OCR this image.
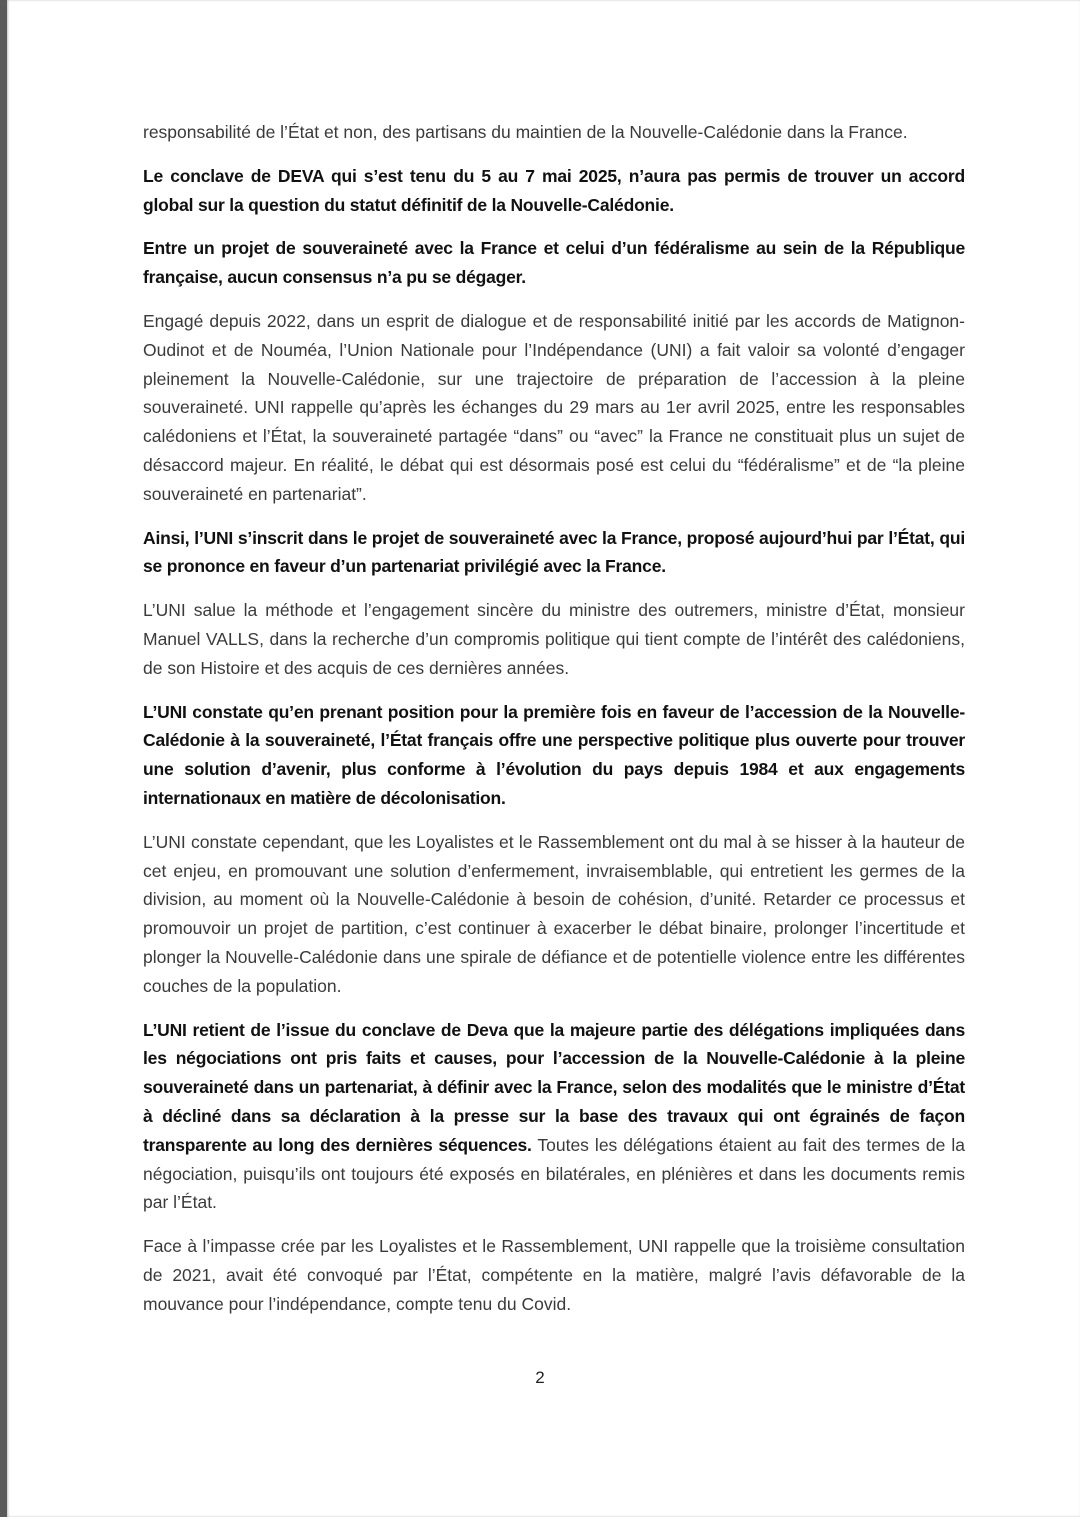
responsabilité de l’État et non, des partisans du maintien de la Nouvelle-Calédonie dans la France.

Le conclave de DEVA qui s’est tenu du 5 au 7 mai 2025, n’aura pas permis de trouver un accord global sur la question du statut définitif de la Nouvelle-Calédonie.

Entre un projet de souveraineté avec la France et celui d’un fédéralisme au sein de la République française, aucun consensus n’a pu se dégager.

Engagé depuis 2022, dans un esprit de dialogue et de responsabilité initié par les accords de Matignon-Oudinot et de Nouméa, l’Union Nationale pour l’Indépendance (UNI) a fait valoir sa volonté d’engager pleinement la Nouvelle-Calédonie, sur une trajectoire de préparation de l’accession à la pleine souveraineté. UNI rappelle qu’après les échanges du 29 mars au 1er avril 2025, entre les responsables calédoniens et l’État, la souveraineté partagée “dans” ou “avec” la France ne constituait plus un sujet de désaccord majeur. En réalité, le débat qui est désormais posé est celui du “fédéralisme” et de “la pleine souveraineté en partenariat”.

Ainsi, l’UNI s’inscrit dans le projet de souveraineté avec la France, proposé aujourd’hui par l’État, qui se prononce en faveur d’un partenariat privilégié avec la France.

L’UNI salue la méthode et l’engagement sincère du ministre des outremers, ministre d’État, monsieur Manuel VALLS, dans la recherche d’un compromis politique qui tient compte de l’intérêt des calédoniens, de son Histoire et des acquis de ces dernières années.

L’UNI constate qu’en prenant position pour la première fois en faveur de l’accession de la Nouvelle-Calédonie à la souveraineté, l’État français offre une perspective politique plus ouverte pour trouver une solution d’avenir, plus conforme à l’évolution du pays depuis 1984 et aux engagements internationaux en matière de décolonisation.

L’UNI constate cependant, que les Loyalistes et le Rassemblement ont du mal à se hisser à la hauteur de cet enjeu, en promouvant une solution d’enfermement, invraisemblable, qui entretient les germes de la division, au moment où la Nouvelle-Calédonie à besoin de cohésion, d’unité. Retarder ce processus et promouvoir un projet de partition, c’est continuer à exacerber le débat binaire, prolonger l’incertitude et plonger la Nouvelle-Calédonie dans une spirale de défiance et de potentielle violence entre les différentes couches de la population.

L’UNI retient de l’issue du conclave de Deva que la majeure partie des délégations impliquées dans les négociations ont pris faits et causes, pour l’accession de la Nouvelle-Calédonie à la pleine souveraineté dans un partenariat, à définir avec la France, selon des modalités que le ministre d’État à décliné dans sa déclaration à la presse sur la base des travaux qui ont égrainés de façon transparente au long des dernières séquences. Toutes les délégations étaient au fait des termes de la négociation, puisqu’ils ont toujours été exposés en bilatérales, en plénières et dans les documents remis par l’État.

Face à l’impasse crée par les Loyalistes et le Rassemblement, UNI rappelle que la troisième consultation de 2021, avait été convoqué par l’État, compétente en la matière, malgré l’avis défavorable de la mouvance pour l’indépendance, compte tenu du Covid.

2
